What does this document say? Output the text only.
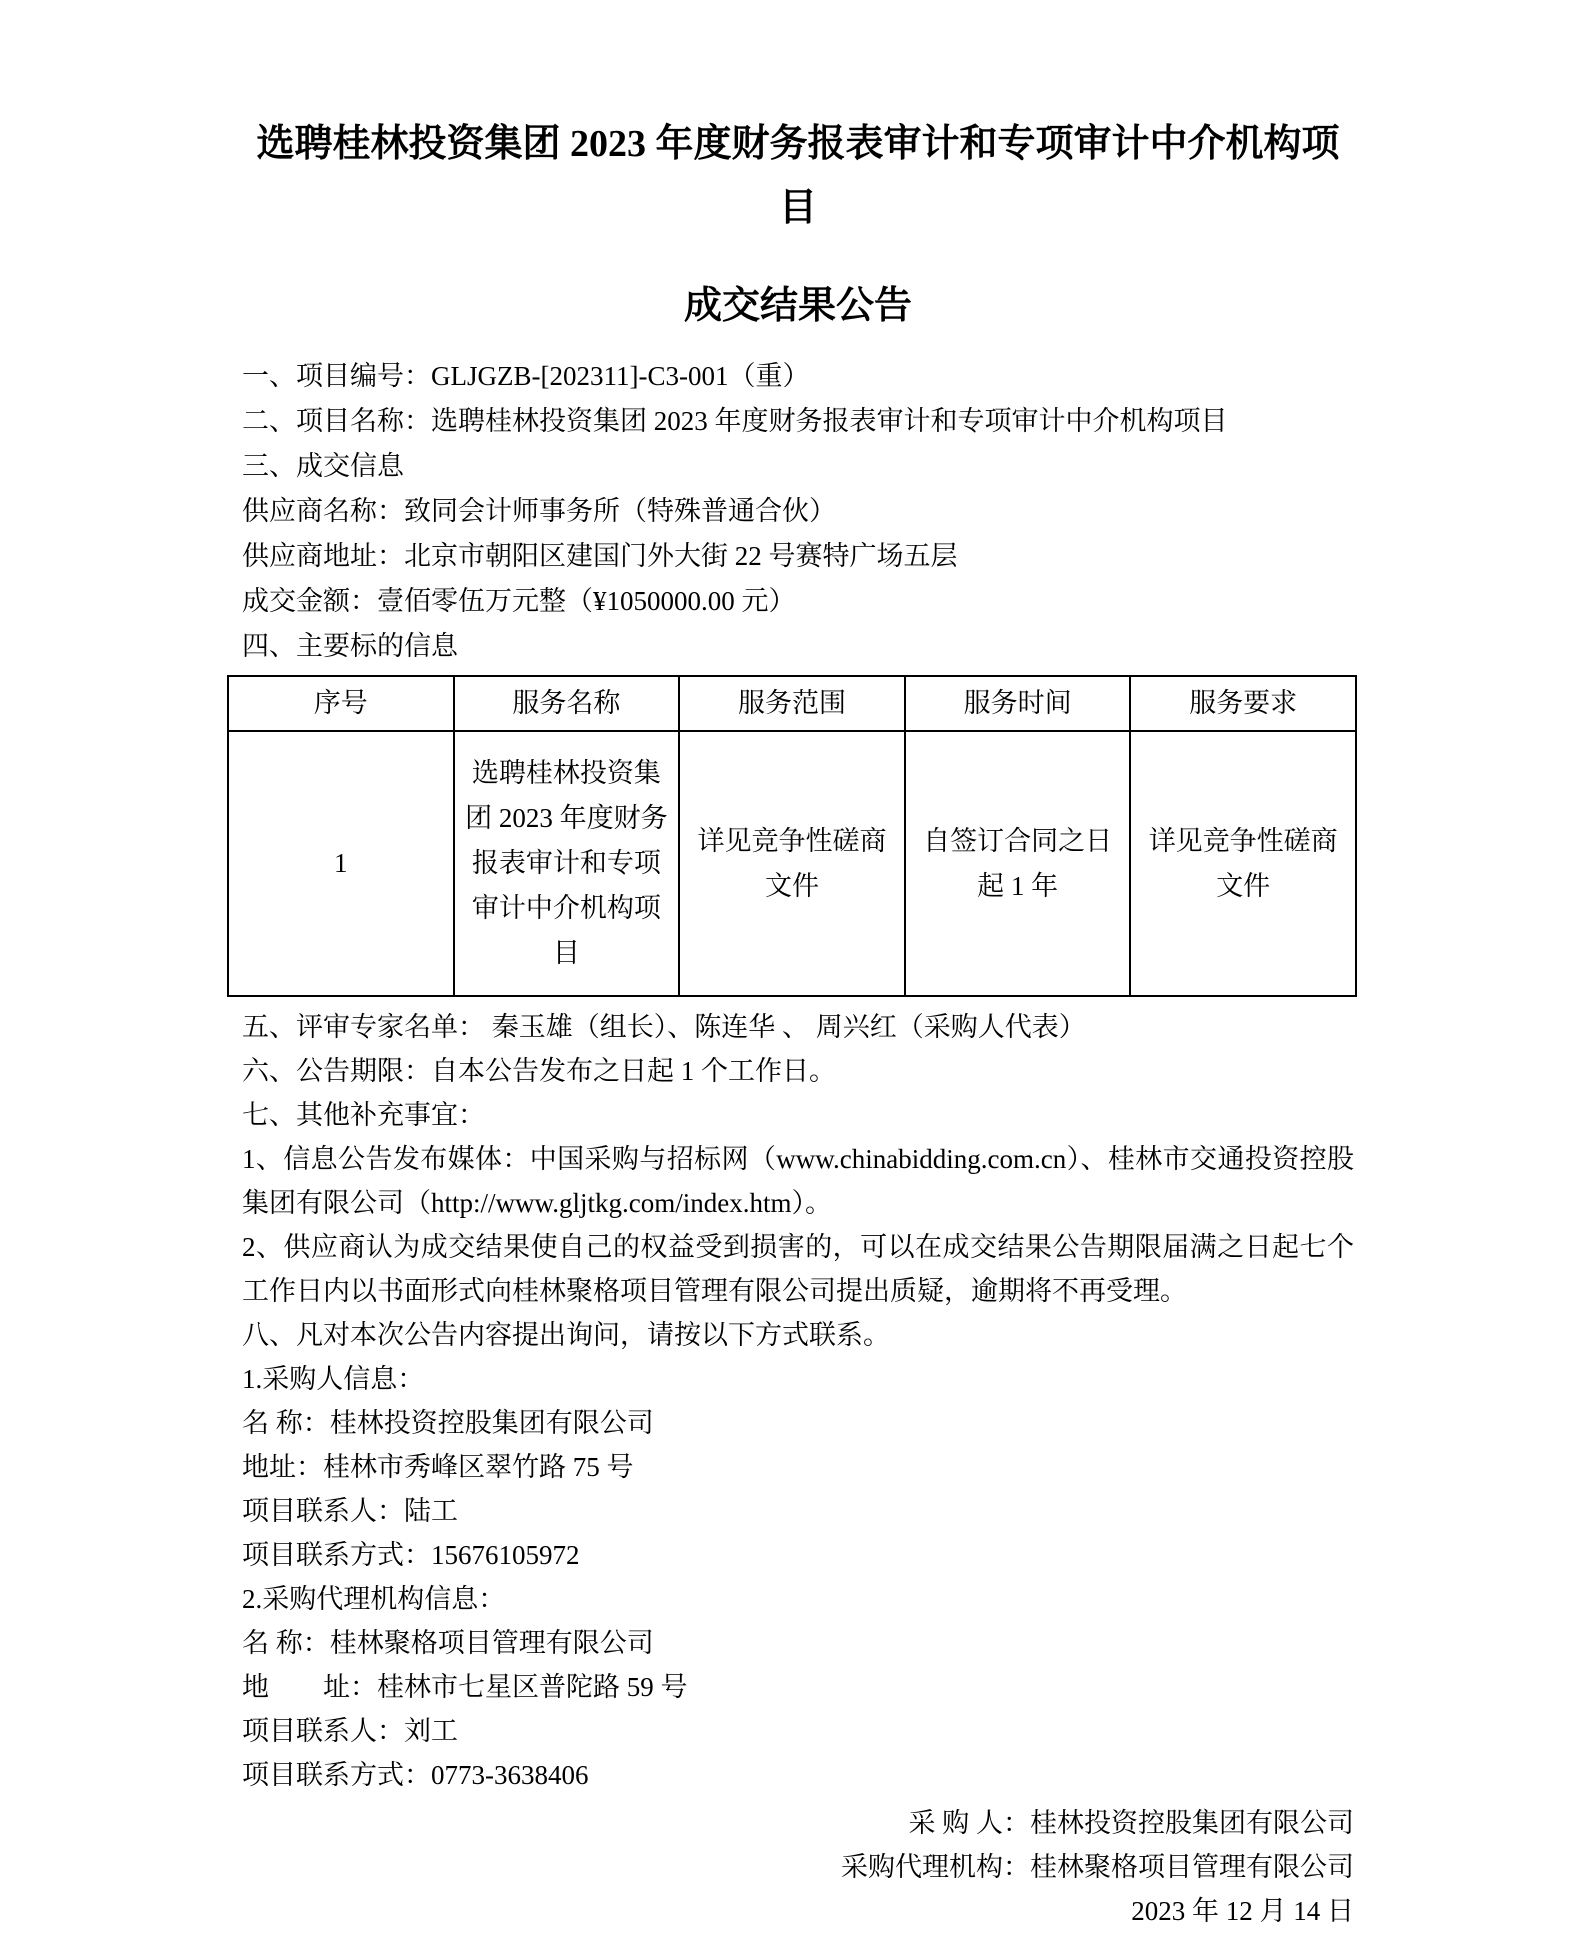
选聘桂林投资集团 2023 年度财务报表审计和专项审计中介机构项目
成交结果公告
一、项目编号：GLJGZB-[202311]-C3-001（重）
二、项目名称：选聘桂林投资集团 2023 年度财务报表审计和专项审计中介机构项目
三、成交信息
供应商名称：致同会计师事务所（特殊普通合伙）
供应商地址：北京市朝阳区建国门外大街 22 号赛特广场五层
成交金额：壹佰零伍万元整（¥1050000.00 元）
四、主要标的信息
序号	服务名称	服务范围	服务时间	服务要求
1	选聘桂林投资集团 2023 年度财务报表审计和专项审计中介机构项目	详见竞争性磋商文件	自签订合同之日起 1 年	详见竞争性磋商文件
五、评审专家名单： 秦玉雄（组长）、陈连华 、 周兴红（采购人代表）
六、公告期限：自本公告发布之日起 1 个工作日。
七、其他补充事宜：
1、信息公告发布媒体：中国采购与招标网（www.chinabidding.com.cn）、桂林市交通投资控股集团有限公司（http://www.gljtkg.com/index.htm）。
2、供应商认为成交结果使自己的权益受到损害的，可以在成交结果公告期限届满之日起七个工作日内以书面形式向桂林聚格项目管理有限公司提出质疑，逾期将不再受理。
八、凡对本次公告内容提出询问，请按以下方式联系。
1.采购人信息：
名 称：桂林投资控股集团有限公司
地址：桂林市秀峰区翠竹路 75 号
项目联系人：陆工
项目联系方式：15676105972
2.采购代理机构信息：
名 称：桂林聚格项目管理有限公司
地　　址：桂林市七星区普陀路 59 号
项目联系人：刘工
项目联系方式：0773-3638406
采 购 人：桂林投资控股集团有限公司
采购代理机构：桂林聚格项目管理有限公司
2023 年 12 月 14 日
